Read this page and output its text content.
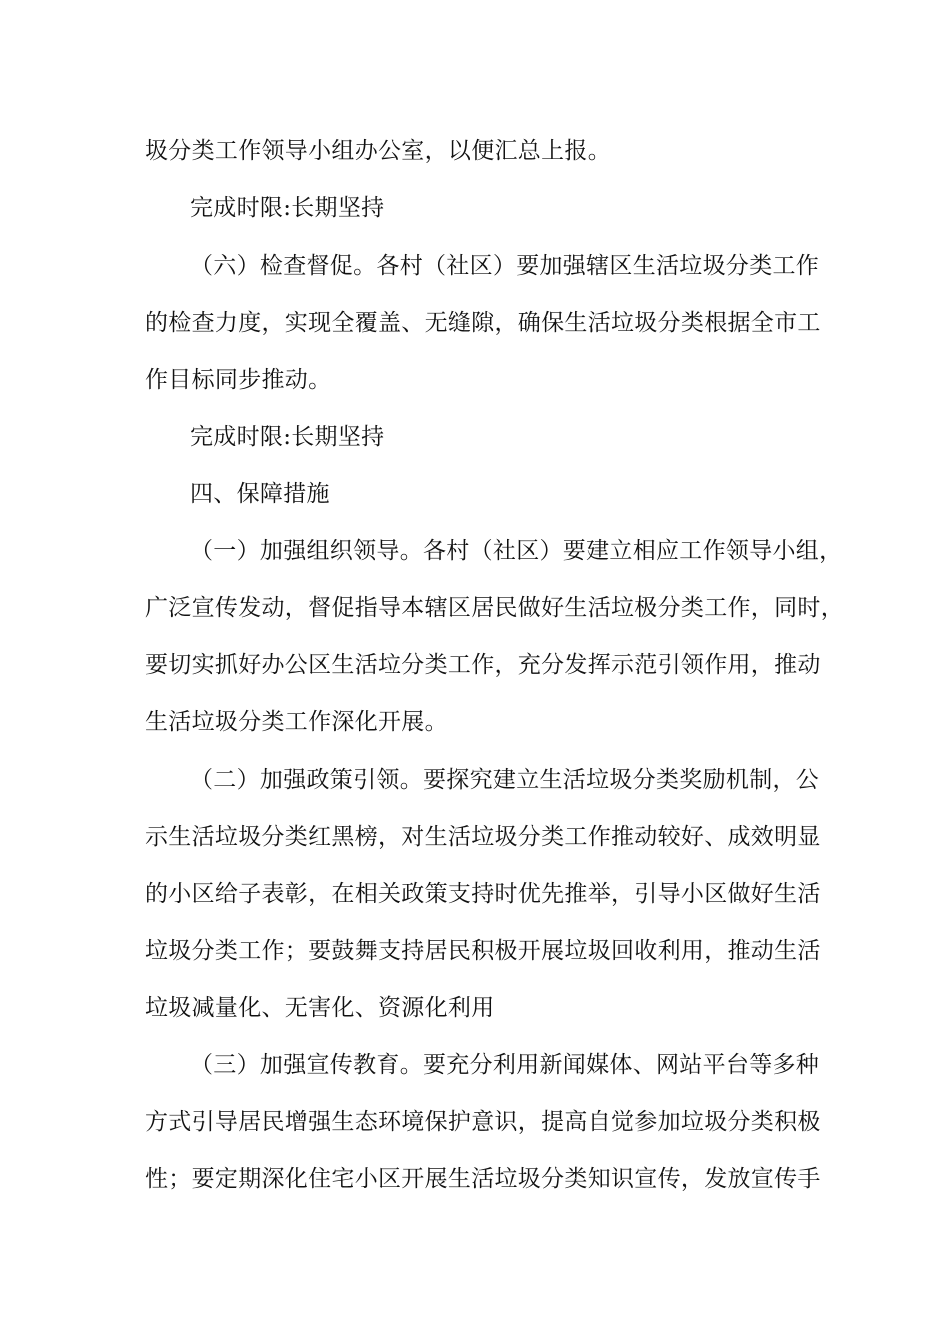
圾分类工作领导小组办公室，以便汇总上报。
完成时限:长期坚持
（六）检查督促。各村（社区）要加强辖区生活垃圾分类工作
的检查力度，实现全覆盖、无缝隙，确保生活垃圾分类根据全市工
作目标同步推动。
完成时限:长期坚持
四、保障措施
（一）加强组织领导。各村（社区）要建立相应工作领导小组，
广泛宣传发动，督促指导本辖区居民做好生活垃极分类工作，同时，
要切实抓好办公区生活垃分类工作，充分发挥示范引领作用，推动
生活垃圾分类工作深化开展。
（二）加强政策引领。要探究建立生活垃圾分类奖励机制，公
示生活垃圾分类红黑榜，对生活垃圾分类工作推动较好、成效明显
的小区给子表彰，在相关政策支持时优先推举，引导小区做好生活
垃圾分类工作；要鼓舞支持居民积极开展垃圾回收利用，推动生活
垃圾减量化、无害化、资源化利用
（三）加强宣传教育。要充分利用新闻媒体、网站平台等多种
方式引导居民增强生态环境保护意识，提高自觉参加垃圾分类积极
性；要定期深化住宅小区开展生活垃圾分类知识宣传，发放宣传手
